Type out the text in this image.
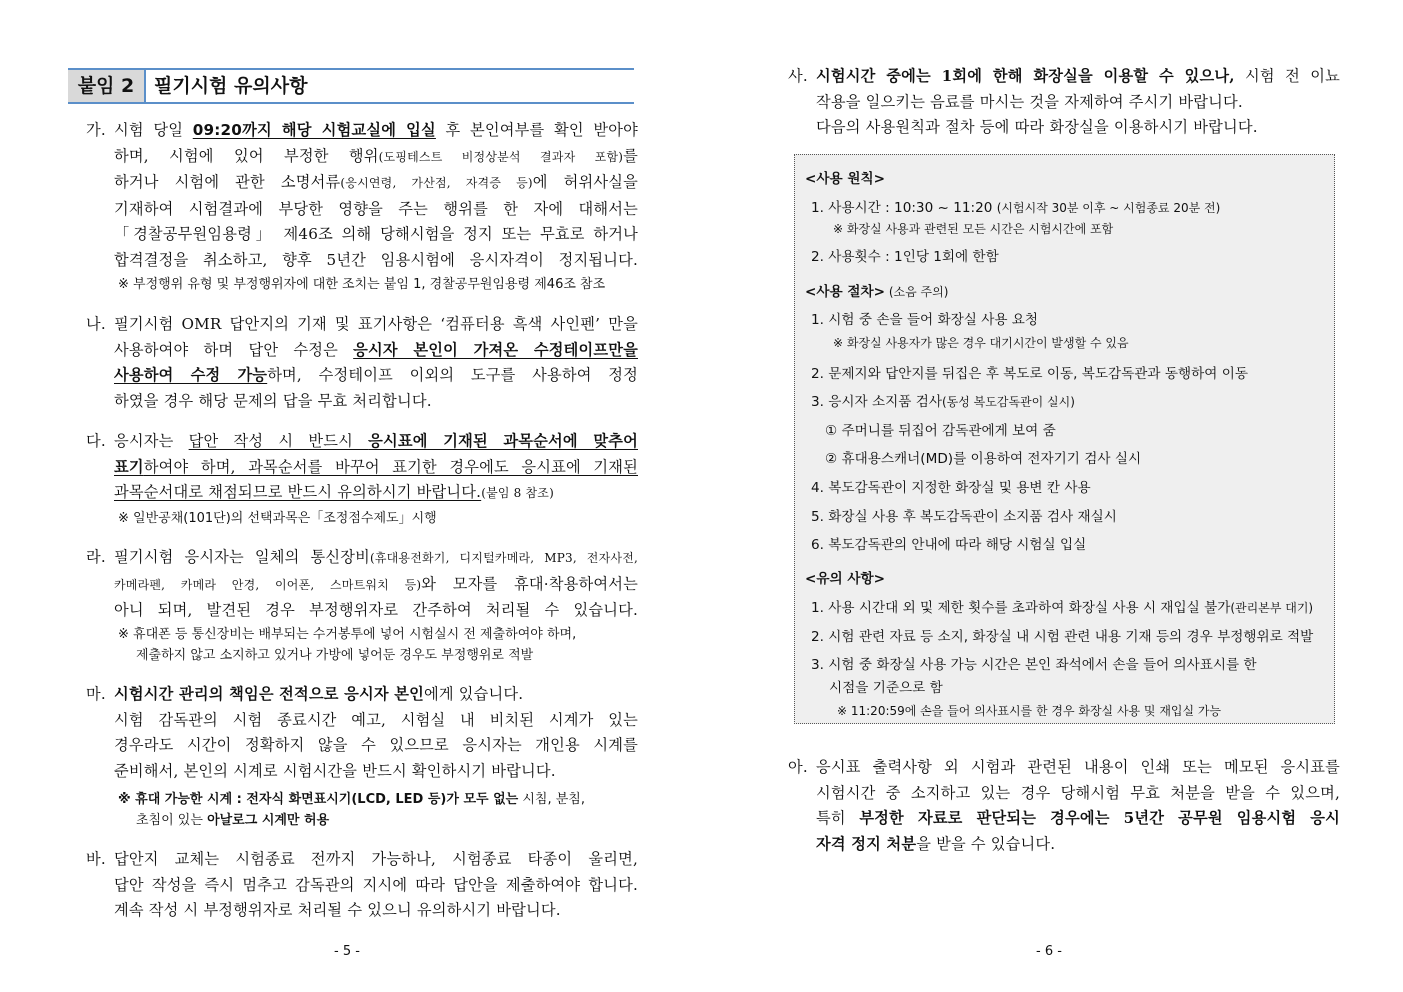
붙임 2	필기시험 유의사항
가. 시험 당일 09:20까지 해당 시험교실에 입실 후 본인여부를 확인 받아야
하며, 시험에 있어 부정한 행위(도핑테스트 비정상분석 결과자 포함)를
하거나 시험에 관한 소명서류(응시연령, 가산점, 자격증 등)에 허위사실을
기재하여 시험결과에 부당한 영향을 주는 행위를 한 자에 대해서는
「경찰공무원임용령」 제46조 의해 당해시험을 정지 또는 무효로 하거나
합격결정을 취소하고, 향후 5년간 임용시험에 응시자격이 정지됩니다.
※ 부정행위 유형 및 부정행위자에 대한 조치는 붙임 1, 경찰공무원임용령 제46조 참조
나. 필기시험 OMR 답안지의 기재 및 표기사항은 ‘컴퓨터용 흑색 사인펜’ 만을
사용하여야 하며 답안 수정은 응시자 본인이 가져온 수정테이프만을
사용하여 수정 가능하며, 수정테이프 이외의 도구를 사용하여 정정
하였을 경우 해당 문제의 답을 무효 처리합니다.
다. 응시자는 답안 작성 시 반드시 응시표에 기재된 과목순서에 맞추어
표기하여야 하며, 과목순서를 바꾸어 표기한 경우에도 응시표에 기재된
과목순서대로 채점되므로 반드시 유의하시기 바랍니다.(붙임 8 참조)
※ 일반공채(101단)의 선택과목은「조정점수제도」시행
라. 필기시험 응시자는 일체의 통신장비(휴대용전화기, 디지털카메라, MP3, 전자사전,
카메라펜, 카메라 안경, 이어폰, 스마트워치 등)와 모자를 휴대·착용하여서는
아니 되며, 발견된 경우 부정행위자로 간주하여 처리될 수 있습니다.
※ 휴대폰 등 통신장비는 배부되는 수거봉투에 넣어 시험실시 전 제출하여야 하며,
제출하지 않고 소지하고 있거나 가방에 넣어둔 경우도 부정행위로 적발
마. 시험시간 관리의 책임은 전적으로 응시자 본인에게 있습니다.
시험 감독관의 시험 종료시간 예고, 시험실 내 비치된 시계가 있는
경우라도 시간이 정확하지 않을 수 있으므로 응시자는 개인용 시계를
준비해서, 본인의 시계로 시험시간을 반드시 확인하시기 바랍니다.
※ 휴대 가능한 시계 : 전자식 화면표시기(LCD, LED 등)가 모두 없는 시침, 분침,
초침이 있는 아날로그 시계만 허용
바. 답안지 교체는 시험종료 전까지 가능하나, 시험종료 타종이 울리면,
답안 작성을 즉시 멈추고 감독관의 지시에 따라 답안을 제출하여야 합니다.
계속 작성 시 부정행위자로 처리될 수 있으니 유의하시기 바랍니다.
- 5 -
사. 시험시간 중에는 1회에 한해 화장실을 이용할 수 있으나, 시험 전 이뇨
작용을 일으키는 음료를 마시는 것을 자제하여 주시기 바랍니다.
다음의 사용원칙과 절차 등에 따라 화장실을 이용하시기 바랍니다.
<사용 원칙>
1. 사용시간 : 10:30 ~ 11:20 (시험시작 30분 이후 ~ 시험종료 20분 전)
※ 화장실 사용과 관련된 모든 시간은 시험시간에 포함
2. 사용횟수 : 1인당 1회에 한함
<사용 절차> (소음 주의)
1. 시험 중 손을 들어 화장실 사용 요청
※ 화장실 사용자가 많은 경우 대기시간이 발생할 수 있음
2. 문제지와 답안지를 뒤집은 후 복도로 이동, 복도감독관과 동행하여 이동
3. 응시자 소지품 검사(동성 복도감독관이 실시)
① 주머니를 뒤집어 감독관에게 보여 줌
② 휴대용스캐너(MD)를 이용하여 전자기기 검사 실시
4. 복도감독관이 지정한 화장실 및 용변 칸 사용
5. 화장실 사용 후 복도감독관이 소지품 검사 재실시
6. 복도감독관의 안내에 따라 해당 시험실 입실
<유의 사항>
1. 사용 시간대 외 및 제한 횟수를 초과하여 화장실 사용 시 재입실 불가(관리본부 대기)
2. 시험 관련 자료 등 소지, 화장실 내 시험 관련 내용 기재 등의 경우 부정행위로 적발
3. 시험 중 화장실 사용 가능 시간은 본인 좌석에서 손을 들어 의사표시를 한
시점을 기준으로 함
※ 11:20:59에 손을 들어 의사표시를 한 경우 화장실 사용 및 재입실 가능
아. 응시표 출력사항 외 시험과 관련된 내용이 인쇄 또는 메모된 응시표를
시험시간 중 소지하고 있는 경우 당해시험 무효 처분을 받을 수 있으며,
특히 부정한 자료로 판단되는 경우에는 5년간 공무원 임용시험 응시
자격 정지 처분을 받을 수 있습니다.
- 6 -
